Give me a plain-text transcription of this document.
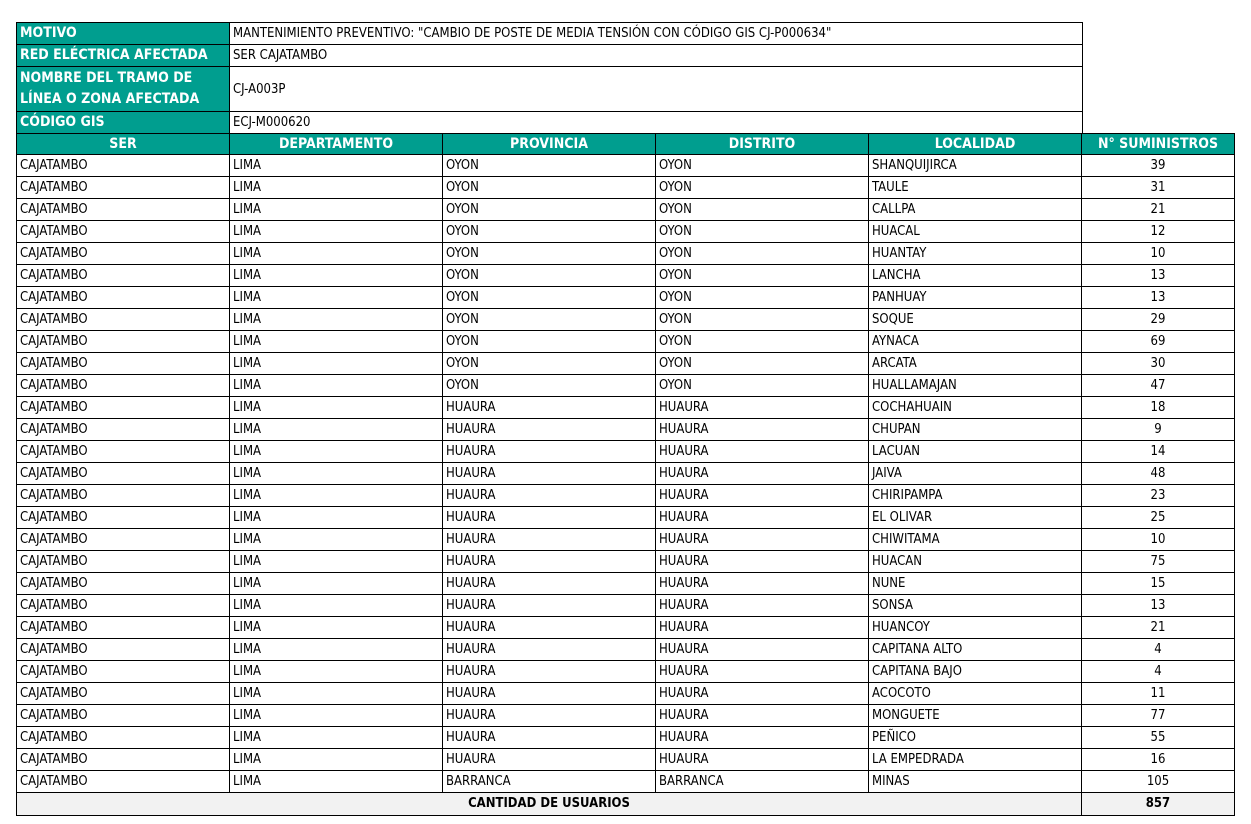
MOTIVO	MANTENIMIENTO PREVENTIVO: "CAMBIO DE POSTE DE MEDIA TENSIÓN CON CÓDIGO GIS CJ-P000634"
RED ELÉCTRICA AFECTADA	SER CAJATAMBO
NOMBRE DEL TRAMO DE LÍNEA O ZONA AFECTADA	CJ-A003P
CÓDIGO GIS	ECJ-M000620
SER	DEPARTAMENTO	PROVINCIA	DISTRITO	LOCALIDAD	N° SUMINISTROS
CAJATAMBO	LIMA	OYON	OYON	SHANQUIJIRCA	39
CAJATAMBO	LIMA	OYON	OYON	TAULE	31
CAJATAMBO	LIMA	OYON	OYON	CALLPA	21
CAJATAMBO	LIMA	OYON	OYON	HUACAL	12
CAJATAMBO	LIMA	OYON	OYON	HUANTAY	10
CAJATAMBO	LIMA	OYON	OYON	LANCHA	13
CAJATAMBO	LIMA	OYON	OYON	PANHUAY	13
CAJATAMBO	LIMA	OYON	OYON	SOQUE	29
CAJATAMBO	LIMA	OYON	OYON	AYNACA	69
CAJATAMBO	LIMA	OYON	OYON	ARCATA	30
CAJATAMBO	LIMA	OYON	OYON	HUALLAMAJAN	47
CAJATAMBO	LIMA	HUAURA	HUAURA	COCHAHUAIN	18
CAJATAMBO	LIMA	HUAURA	HUAURA	CHUPAN	9
CAJATAMBO	LIMA	HUAURA	HUAURA	LACUAN	14
CAJATAMBO	LIMA	HUAURA	HUAURA	JAIVA	48
CAJATAMBO	LIMA	HUAURA	HUAURA	CHIRIPAMPA	23
CAJATAMBO	LIMA	HUAURA	HUAURA	EL OLIVAR	25
CAJATAMBO	LIMA	HUAURA	HUAURA	CHIWITAMA	10
CAJATAMBO	LIMA	HUAURA	HUAURA	HUACAN	75
CAJATAMBO	LIMA	HUAURA	HUAURA	NUNE	15
CAJATAMBO	LIMA	HUAURA	HUAURA	SONSA	13
CAJATAMBO	LIMA	HUAURA	HUAURA	HUANCOY	21
CAJATAMBO	LIMA	HUAURA	HUAURA	CAPITANA ALTO	4
CAJATAMBO	LIMA	HUAURA	HUAURA	CAPITANA BAJO	4
CAJATAMBO	LIMA	HUAURA	HUAURA	ACOCOTO	11
CAJATAMBO	LIMA	HUAURA	HUAURA	MONGUETE	77
CAJATAMBO	LIMA	HUAURA	HUAURA	PEÑICO	55
CAJATAMBO	LIMA	HUAURA	HUAURA	LA EMPEDRADA	16
CAJATAMBO	LIMA	BARRANCA	BARRANCA	MINAS	105
CANTIDAD DE USUARIOS					857
